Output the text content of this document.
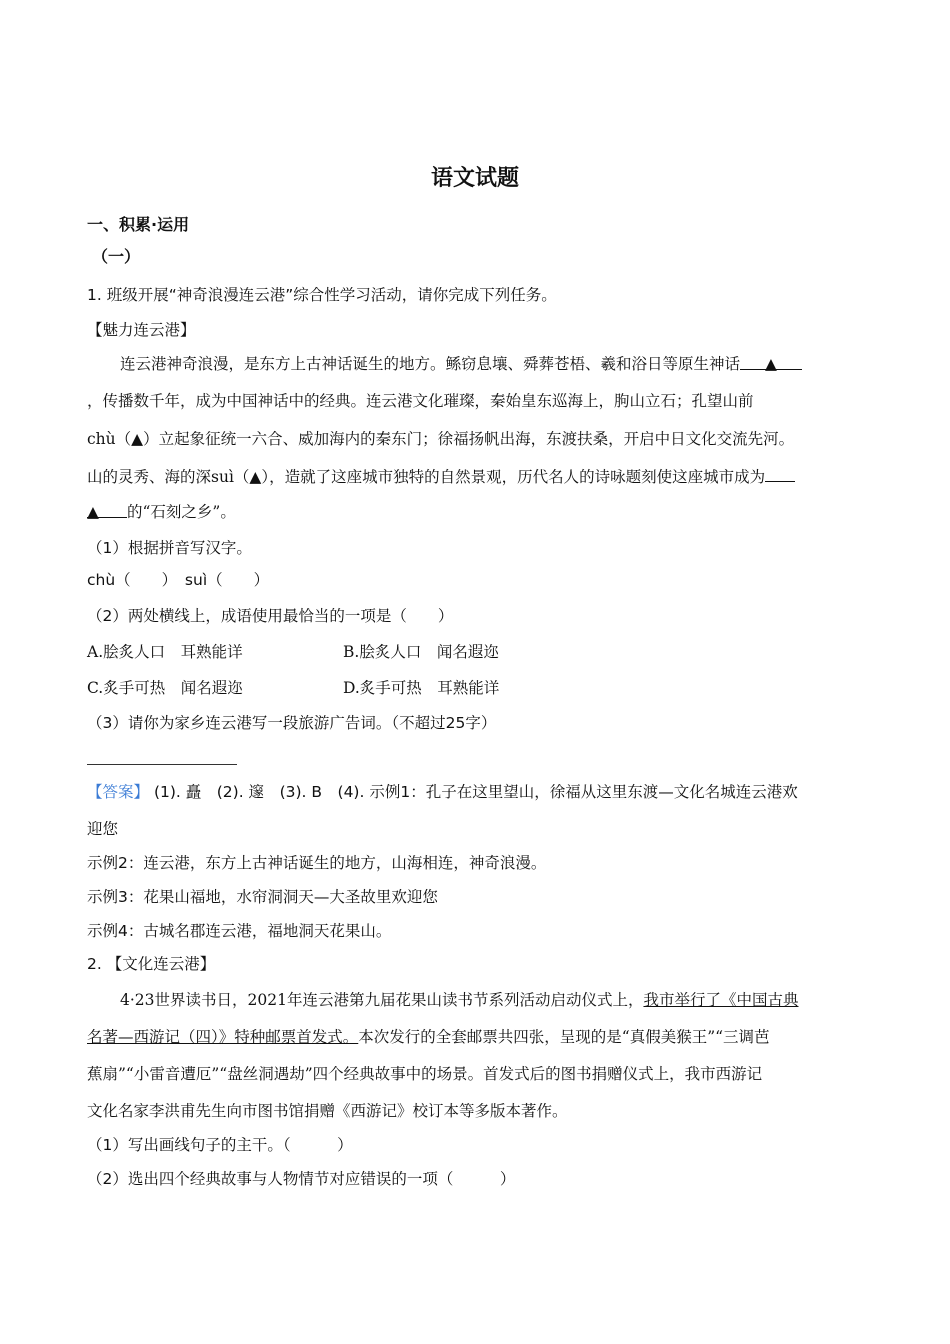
语文试题
一、积累·运用
（一）
1. 班级开展“神奇浪漫连云港”综合性学习活动，请你完成下列任务。
【魅力连云港】
连云港神奇浪漫，是东方上古神话诞生的地方。鲧窃息壤、舜葬苍梧、羲和浴日等原生神话 ▲
，传播数千年，成为中国神话中的经典。连云港文化璀璨，秦始皇东巡海上，朐山立石；孔望山前
chù（▲）立起象征统一六合、威加海内的秦东门；徐福扬帆出海，东渡扶桑，开启中日文化交流先河。
山的灵秀、海的深suì（▲），造就了这座城市独特的自然景观，历代名人的诗咏题刻使这座城市成为
▲ 的“石刻之乡”。
（1）根据拼音写汉字。
chù（　　）　suì（　　）
（2）两处横线上，成语使用最恰当的一项是（　　）
A.脍炙人口　耳熟能详	B.脍炙人口　闻名遐迩
C.炙手可热　闻名遐迩	D.炙手可热　耳熟能详
（3）请你为家乡连云港写一段旅游广告词。（不超过25字）
【答案】 (1). 矗　(2). 邃　(3). B　(4). 示例1：孔子在这里望山，徐福从这里东渡—文化名城连云港欢
迎您
示例2：连云港，东方上古神话诞生的地方，山海相连，神奇浪漫。
示例3：花果山福地，水帘洞洞天—大圣故里欢迎您
示例4：古城名郡连云港，福地洞天花果山。
2. 【文化连云港】
4·23世界读书日，2021年连云港第九届花果山读书节系列活动启动仪式上，我市举行了《中国古典
名著—西游记（四）》特种邮票首发式。本次发行的全套邮票共四张，呈现的是“真假美猴王”“三调芭
蕉扇”“小雷音遭厄”“盘丝洞遇劫”四个经典故事中的场景。首发式后的图书捐赠仪式上，我市西游记
文化名家李洪甫先生向市图书馆捐赠《西游记》校订本等多版本著作。
（1）写出画线句子的主干。（　　　）
（2）选出四个经典故事与人物情节对应错误的一项（　　　）
